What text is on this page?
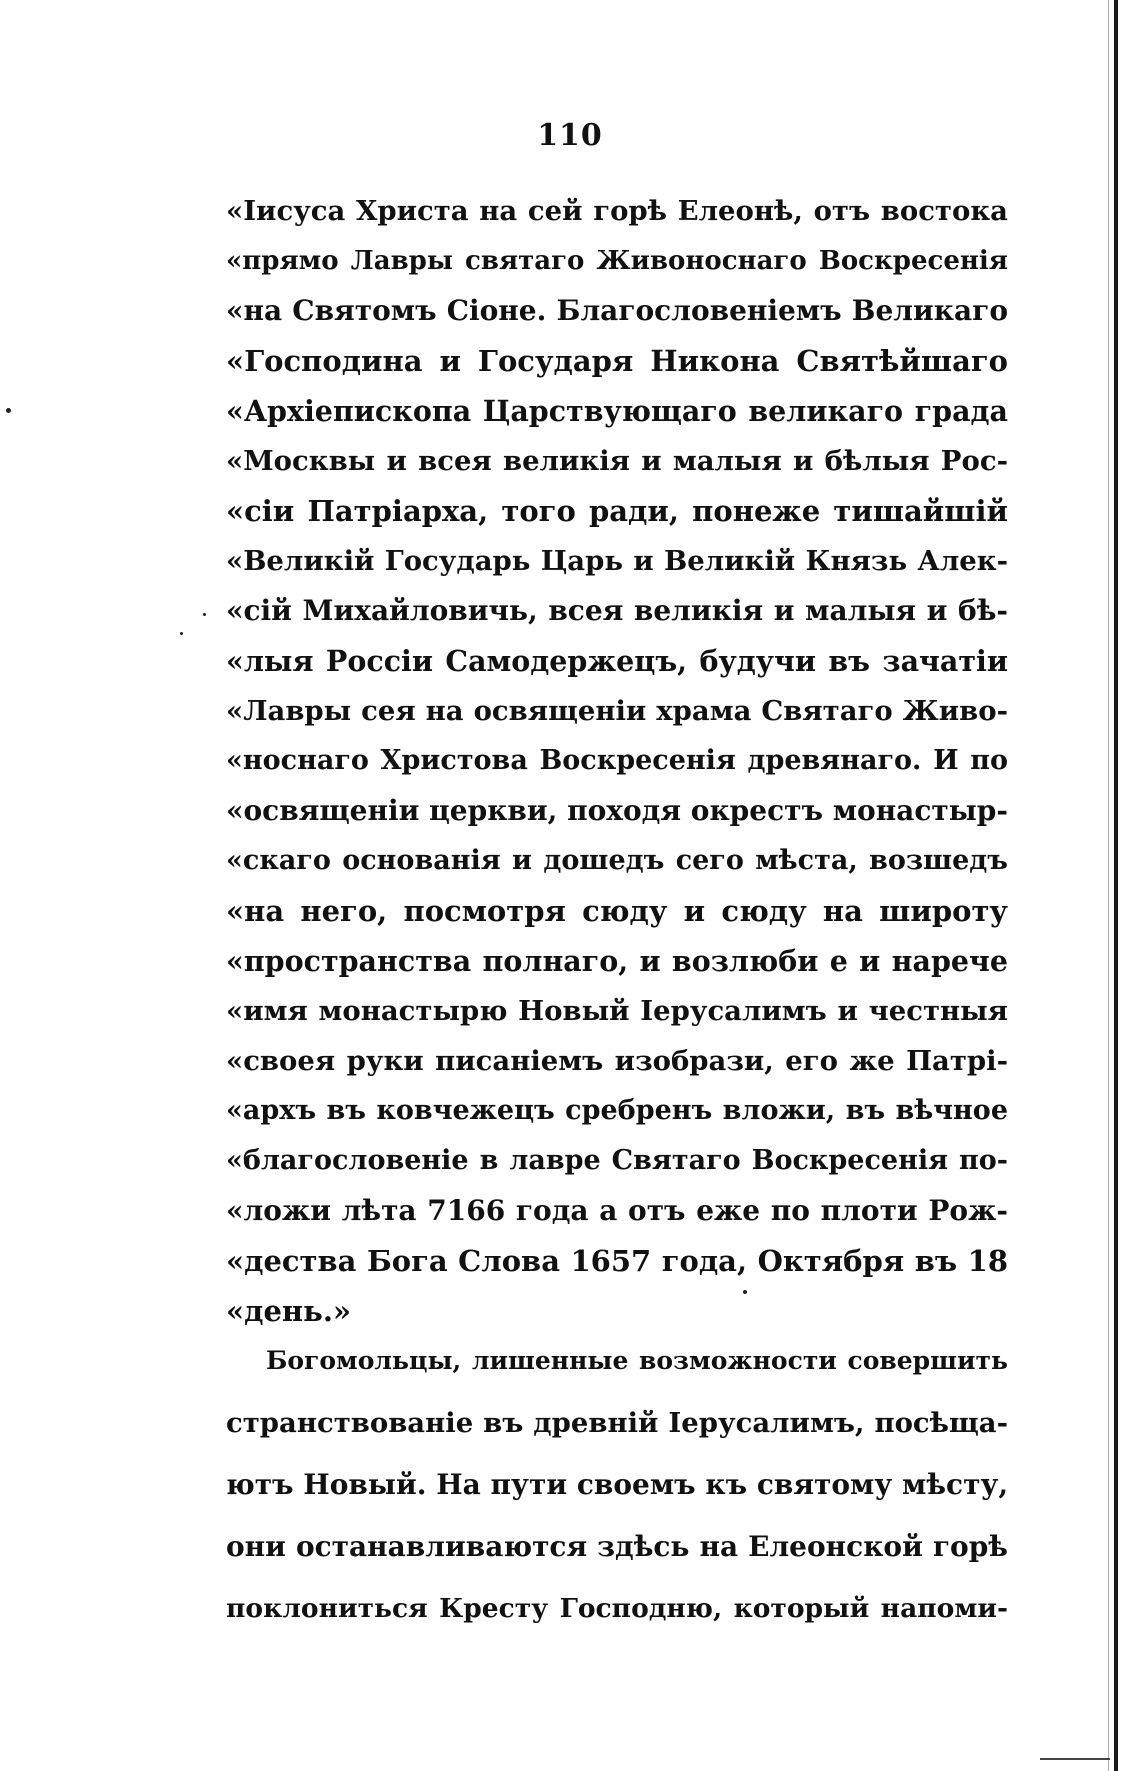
110
«Iисуса Христа на сей горѣ Елеонѣ, отъ востока
«прямо Лавры святаго Живоноснаго Воскресенія
«на Святомъ Сіоне. Благословеніемъ Великаго
«Господина и Государя Никона Святѣйшаго
«Архіепископа Царствующаго великаго града
«Москвы и всея великія и малыя и бѣлыя Рос-
«сіи Патріарха, того ради, понеже тишайшій
«Великій Государь Царь и Великій Князь Алек-
«сій Михайловичь, всея великія и малыя и бѣ-
«лыя Россіи Самодержецъ, будучи въ зачатіи
«Лавры сея на освященіи храма Святаго Живо-
«носнаго Христова Воскресенія древянаго. И по
«освященіи церкви, походя окрестъ монастыр-
«скаго основанія и дошедъ сего мѣста, возшедъ
«на него, посмотря сюду и сюду на широту
«пространства полнаго, и возлюби е и нарече
«имя монастырю Новый Iерусалимъ и честныя
«своея руки писаніемъ изобрази, его же Патрі-
«архъ въ ковчежецъ сребренъ вложи, въ вѣчное
«благословеніе в лавре Святаго Воскресенія по-
«ложи лѣта 7166 года а отъ еже по плоти Рож-
«дества Бога Слова 1657 года, Октября въ 18
«день.»
Богомольцы, лишенные возможности совершить
странствованіе въ древній Iерусалимъ, посѣща-
ютъ Новый. На пути своемъ къ святому мѣсту,
они останавливаются здѣсь на Елеонской горѣ
поклониться Кресту Господню, который напоми-
